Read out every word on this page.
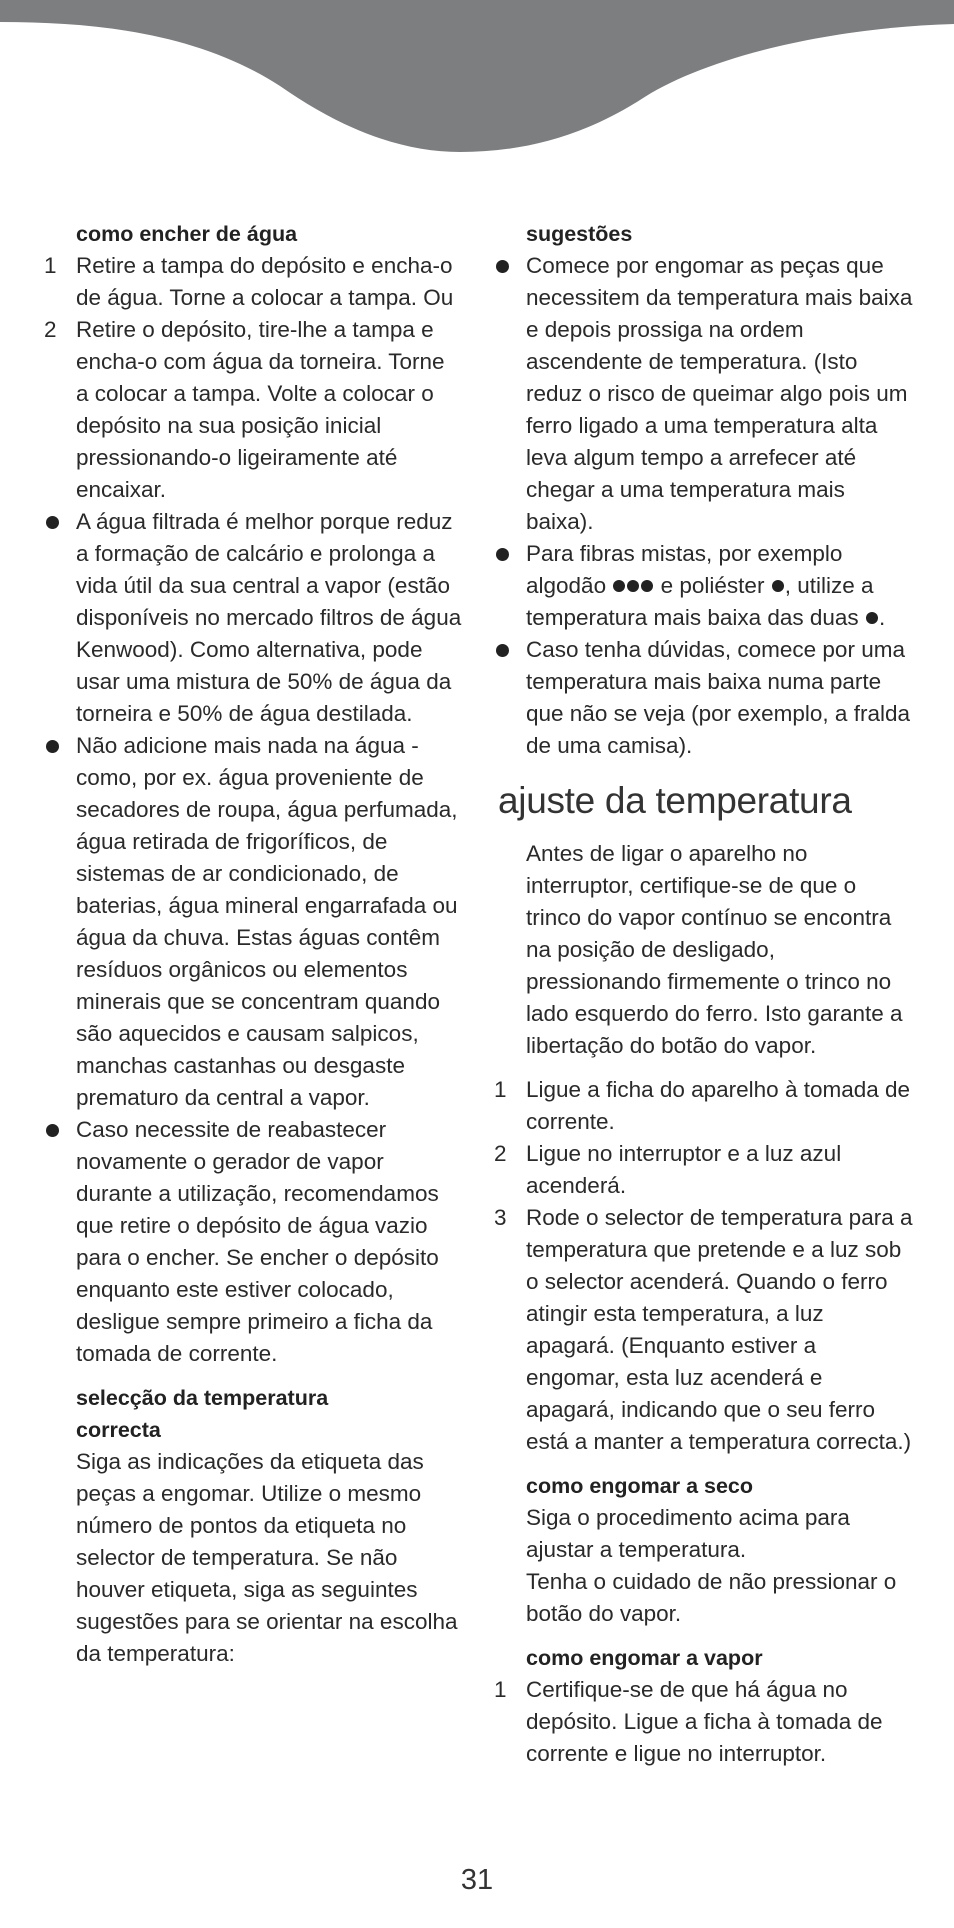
como encher de água
1 Retire a tampa do depósito e encha-o de água. Torne a colocar a tampa. Ou
2 Retire o depósito, tire-lhe a tampa e encha-o com água da torneira. Torne a colocar a tampa. Volte a colocar o depósito na sua posição inicial pressionando-o ligeiramente até encaixar.
A água filtrada é melhor porque reduz a formação de calcário e prolonga a vida útil da sua central a vapor (estão disponíveis no mercado filtros de água Kenwood). Como alternativa, pode usar uma mistura de 50% de água da torneira e 50% de água destilada.
Não adicione mais nada na água - como, por ex. água proveniente de secadores de roupa, água perfumada, água retirada de frigoríficos, de sistemas de ar condicionado, de baterias, água mineral engarrafada ou água da chuva. Estas águas contêm resíduos orgânicos ou elementos minerais que se concentram quando são aquecidos e causam salpicos, manchas castanhas ou desgaste prematuro da central a vapor.
Caso necessite de reabastecer novamente o gerador de vapor durante a utilização, recomendamos que retire o depósito de água vazio para o encher. Se encher o depósito enquanto este estiver colocado, desligue sempre primeiro a ficha da tomada de corrente.
selecção da temperatura
correcta
Siga as indicações da etiqueta das peças a engomar. Utilize o mesmo número de pontos da etiqueta no selector de temperatura. Se não houver etiqueta, siga as seguintes sugestões para se orientar na escolha da temperatura:
sugestões
Comece por engomar as peças que necessitem da temperatura mais baixa e depois prossiga na ordem ascendente de temperatura. (Isto reduz o risco de queimar algo pois um ferro ligado a uma temperatura alta leva algum tempo a arrefecer até chegar a uma temperatura mais baixa).
Para fibras mistas, por exemplo algodão e poliéster , utilize a temperatura mais baixa das duas .
Caso tenha dúvidas, comece por uma temperatura mais baixa numa parte que não se veja (por exemplo, a fralda de uma camisa).
ajuste da temperatura
Antes de ligar o aparelho no interruptor, certifique-se de que o trinco do vapor contínuo se encontra na posição de desligado, pressionando firmemente o trinco no lado esquerdo do ferro. Isto garante a libertação do botão do vapor.
1 Ligue a ficha do aparelho à tomada de corrente.
2 Ligue no interruptor e a luz azul acenderá.
3 Rode o selector de temperatura para a temperatura que pretende e a luz sob o selector acenderá. Quando o ferro atingir esta temperatura, a luz apagará. (Enquanto estiver a engomar, esta luz acenderá e apagará, indicando que o seu ferro está a manter a temperatura correcta.)
como engomar a seco
Siga o procedimento acima para ajustar a temperatura.
Tenha o cuidado de não pressionar o botão do vapor.
como engomar a vapor
1 Certifique-se de que há água no depósito. Ligue a ficha à tomada de corrente e ligue no interruptor.
31
